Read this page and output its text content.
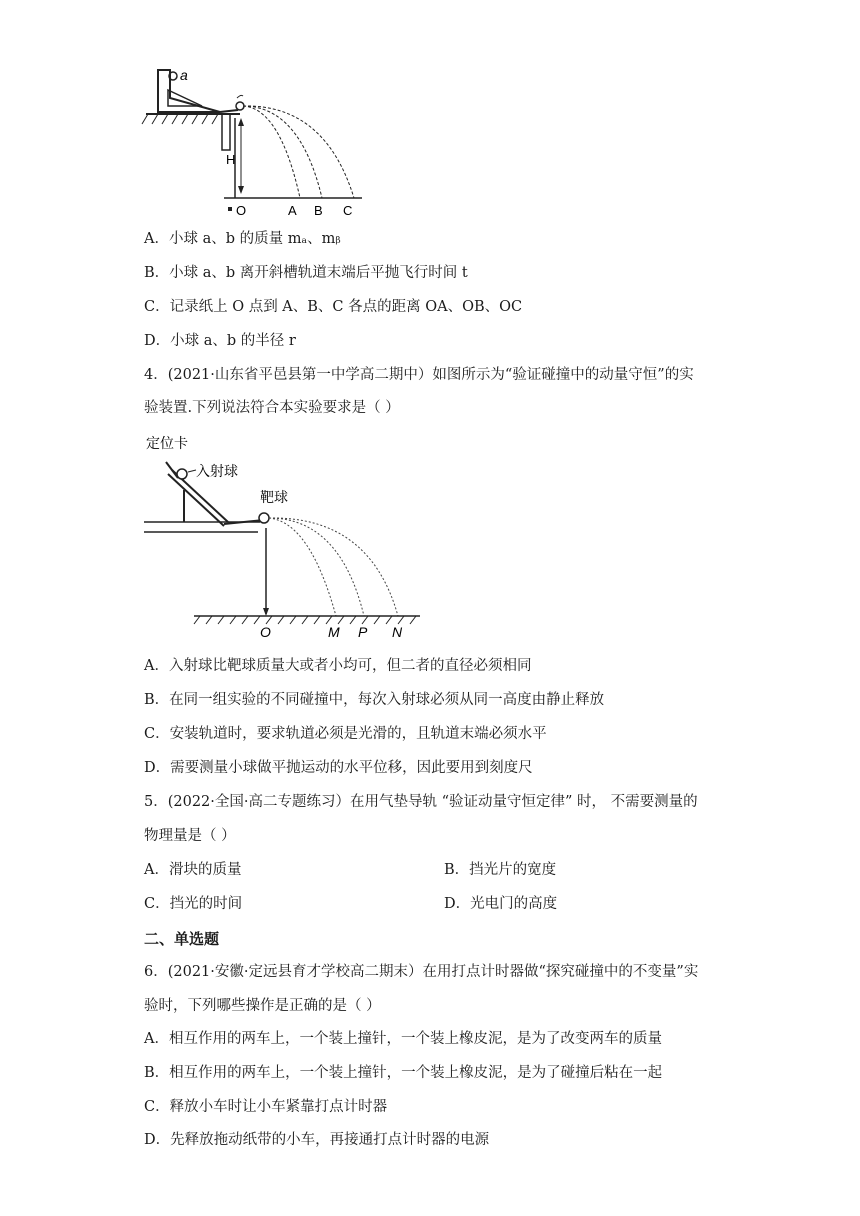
a
H
O	A B C
A．小球 a、b 的质量 mₐ、mᵦ
B．小球 a、b 离开斜槽轨道末端后平抛飞行时间 t
C．记录纸上 O 点到 A、B、C 各点的距离 OA、OB、OC
D．小球 a、b 的半径 r
4．(2021·山东省平邑县第一中学高二期中）如图所示为“验证碰撞中的动量守恒”的实
验装置.下列说法符合本实验要求是（ ）
定位卡
入射球
靶球
O	M P N
A．入射球比靶球质量大或者小均可，但二者的直径必须相同
B．在同一组实验的不同碰撞中，每次入射球必须从同一高度由静止释放
C．安装轨道时，要求轨道必须是光滑的，且轨道末端必须水平
D．需要测量小球做平抛运动的水平位移，因此要用到刻度尺
5．(2022·全国·高二专题练习）在用气垫导轨 “验证动量守恒定律” 时， 不需要测量的
物理量是（ ）
A．滑块的质量	B．挡光片的宽度
C．挡光的时间	D．光电门的高度
二、单选题
6．(2021·安徽·定远县育才学校高二期末）在用打点计时器做“探究碰撞中的不变量”实
验时，下列哪些操作是正确的是（ ）
A．相互作用的两车上，一个装上撞针，一个装上橡皮泥，是为了改变两车的质量
B．相互作用的两车上，一个装上撞针，一个装上橡皮泥，是为了碰撞后粘在一起
C．释放小车时让小车紧靠打点计时器
D．先释放拖动纸带的小车，再接通打点计时器的电源
